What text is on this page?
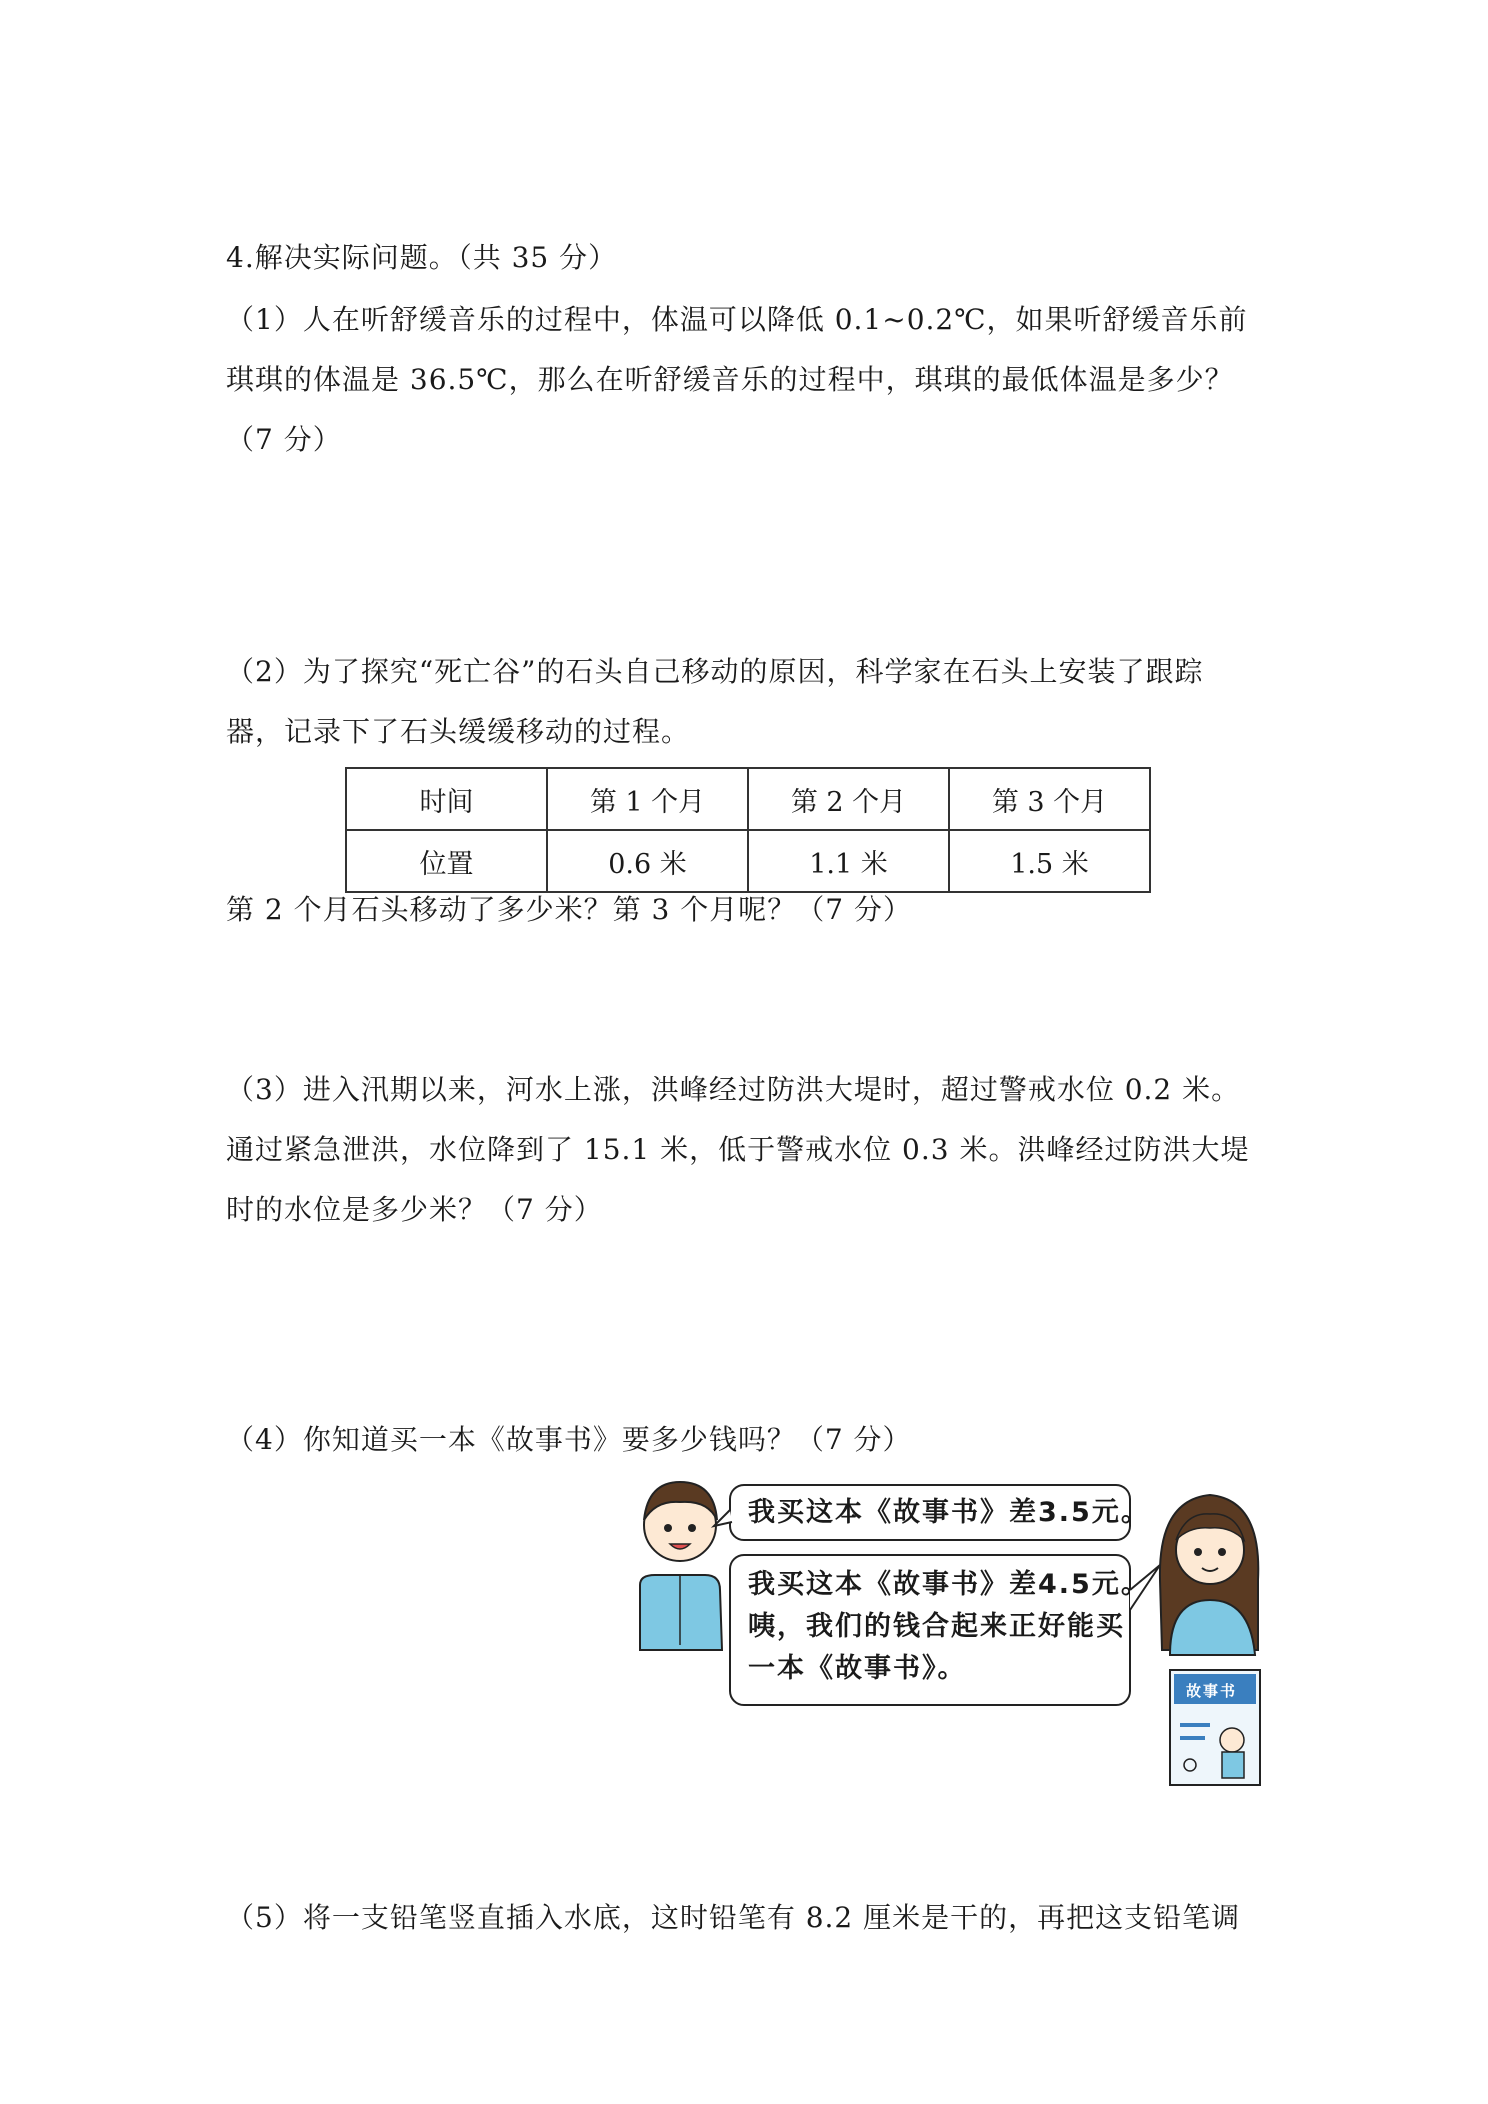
4.解决实际问题。（共 35 分）
（1）人在听舒缓音乐的过程中，体温可以降低 0.1~0.2℃，如果听舒缓音乐前
琪琪的体温是 36.5℃，那么在听舒缓音乐的过程中，琪琪的最低体温是多少？
（7 分）
（2）为了探究“死亡谷”的石头自己移动的原因，科学家在石头上安装了跟踪
器，记录下了石头缓缓移动的过程。
时间	第 1 个月	第 2 个月	第 3 个月
位置	0.6 米	1.1 米	1.5 米
第 2 个月石头移动了多少米？第 3 个月呢？（7 分）
（3）进入汛期以来，河水上涨，洪峰经过防洪大堤时，超过警戒水位 0.2 米。
通过紧急泄洪，水位降到了 15.1 米，低于警戒水位 0.3 米。洪峰经过防洪大堤
时的水位是多少米？（7 分）
（4）你知道买一本《故事书》要多少钱吗？（7 分）
我买这本《故事书》差3.5元。
我买这本《故事书》差4.5元。
咦，我们的钱合起来正好能买
一本《故事书》。
故事书
（5）将一支铅笔竖直插入水底，这时铅笔有 8.2 厘米是干的，再把这支铅笔调
